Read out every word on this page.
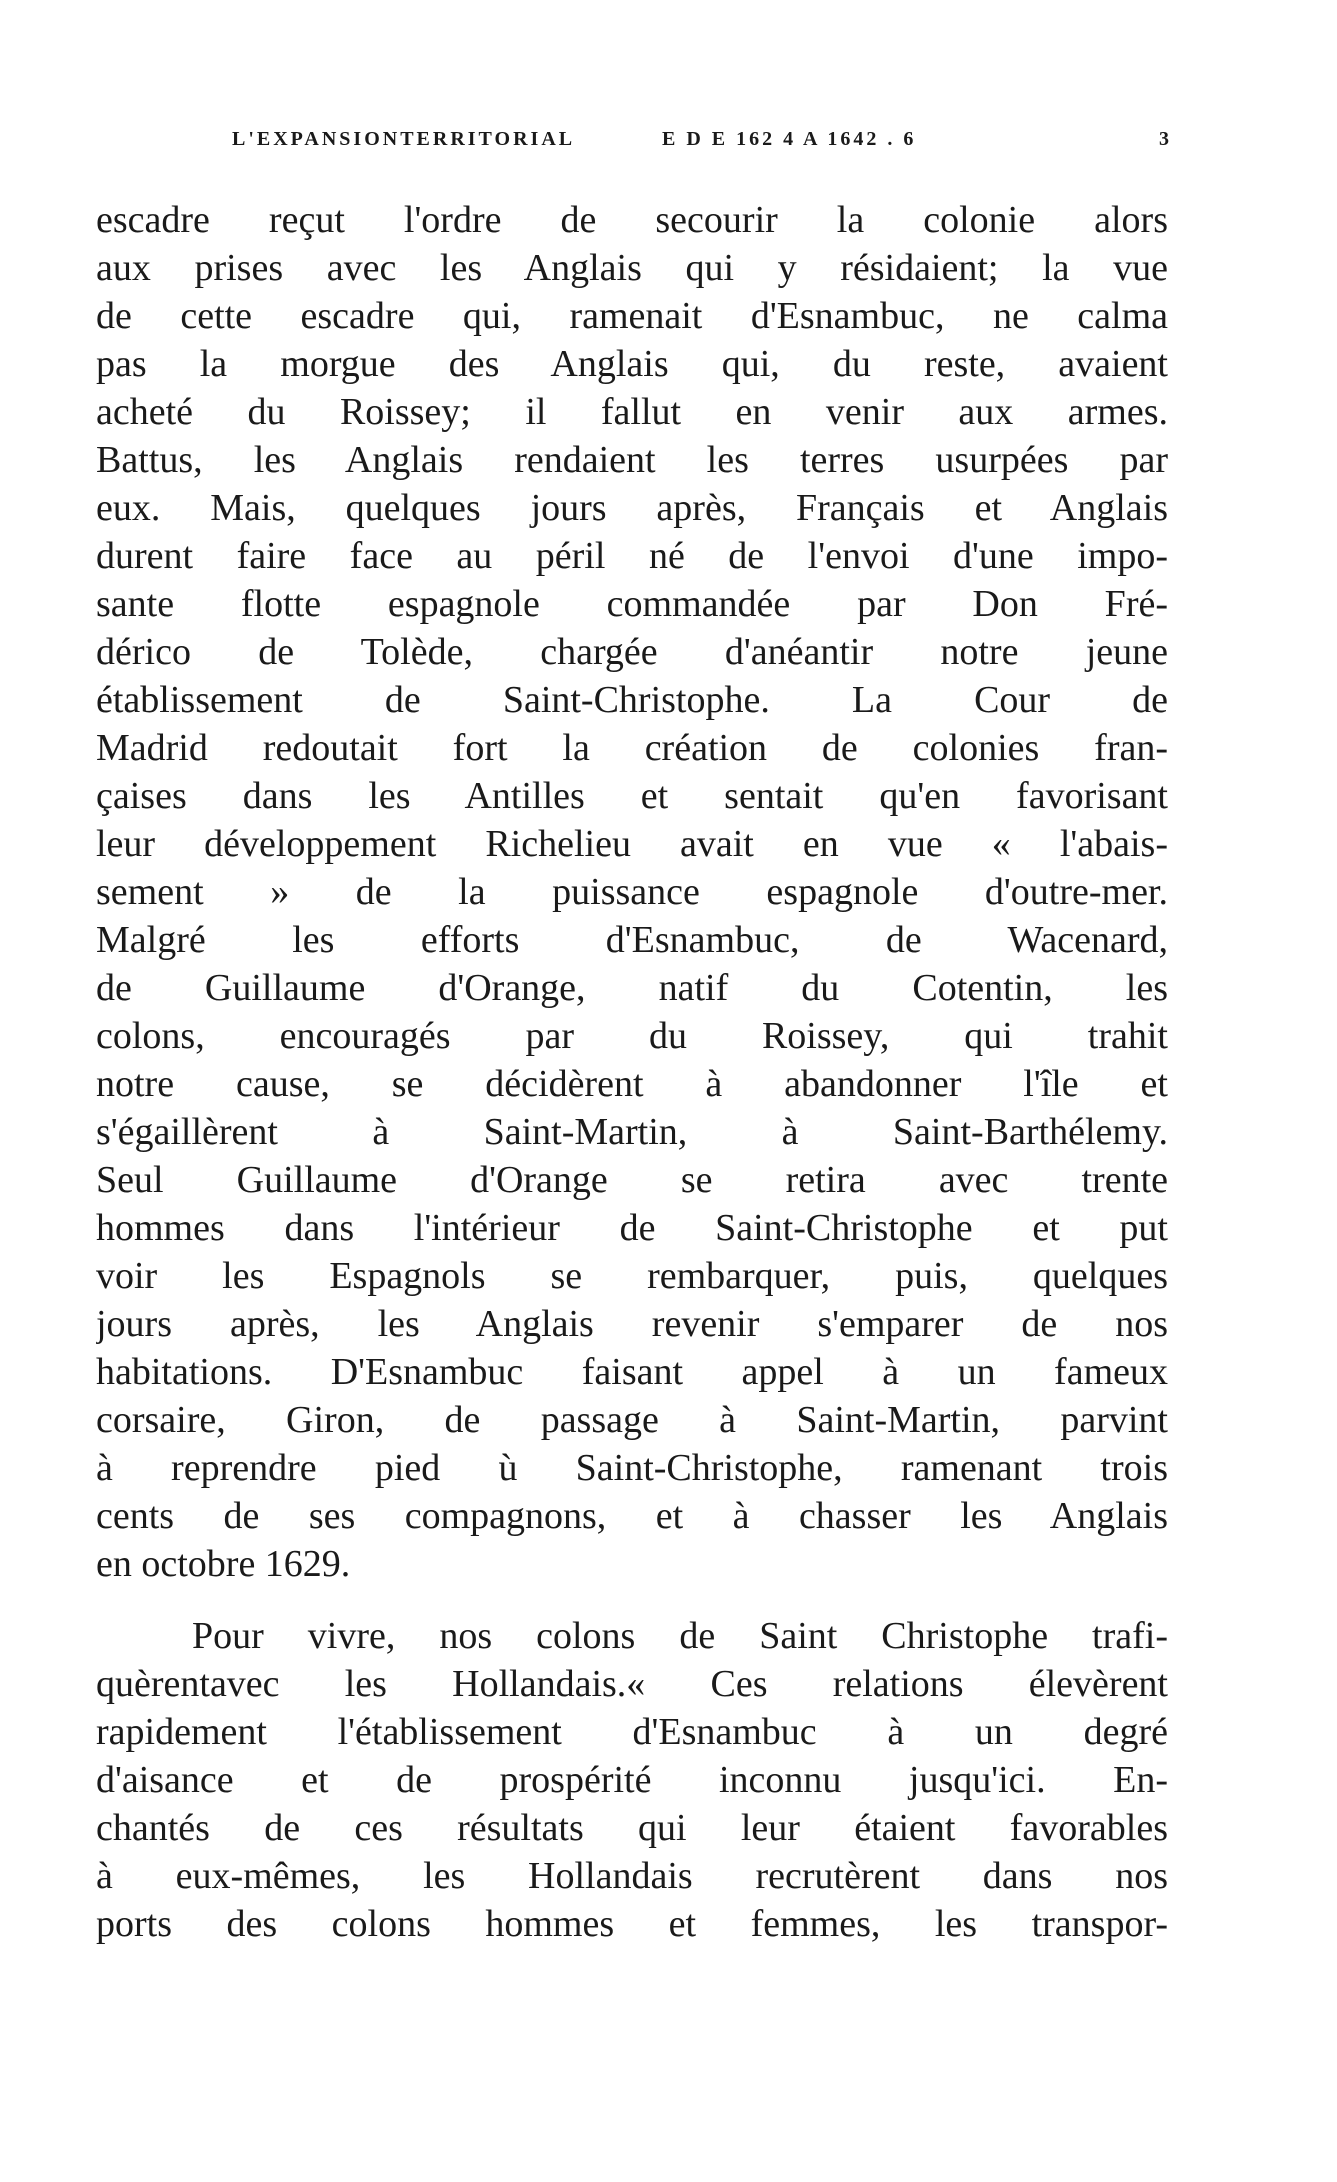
L'EXPANSIONTERRITORIAL	E D E 162 4 A 1642 . 6	3
escadre reçut l'ordre de secourir la colonie alors
aux prises avec les Anglais qui y résidaient; la vue
de cette escadre qui, ramenait d'Esnambuc, ne calma
pas la morgue des Anglais qui, du reste, avaient
acheté du Roissey; il fallut en venir aux armes.
Battus, les Anglais rendaient les terres usurpées par
eux. Mais, quelques jours après, Français et Anglais
durent faire face au péril né de l'envoi d'une impo-
sante flotte espagnole commandée par Don Fré-
dérico de Tolède, chargée d'anéantir notre jeune
établissement de Saint-Christophe. La Cour de
Madrid redoutait fort la création de colonies fran-
çaises dans les Antilles et sentait qu'en favorisant
leur développement Richelieu avait en vue « l'abais-
sement » de la puissance espagnole d'outre-mer.
Malgré les efforts d'Esnambuc, de Wacenard,
de Guillaume d'Orange, natif du Cotentin, les
colons, encouragés par du Roissey, qui trahit
notre cause, se décidèrent à abandonner l'île et
s'égaillèrent à Saint-Martin, à Saint-Barthélemy.
Seul Guillaume d'Orange se retira avec trente
hommes dans l'intérieur de Saint-Christophe et put
voir les Espagnols se rembarquer, puis, quelques
jours après, les Anglais revenir s'emparer de nos
habitations. D'Esnambuc faisant appel à un fameux
corsaire, Giron, de passage à Saint-Martin, parvint
à reprendre pied ù Saint-Christophe, ramenant trois
cents de ses compagnons, et à chasser les Anglais
en octobre 1629.
Pour vivre, nos colons de Saint Christophe trafi-
quèrentavec les Hollandais.« Ces relations élevèrent
rapidement l'établissement d'Esnambuc à un degré
d'aisance et de prospérité inconnu jusqu'ici. En-
chantés de ces résultats qui leur étaient favorables
à eux-mêmes, les Hollandais recrutèrent dans nos
ports des colons hommes et femmes, les transpor-
